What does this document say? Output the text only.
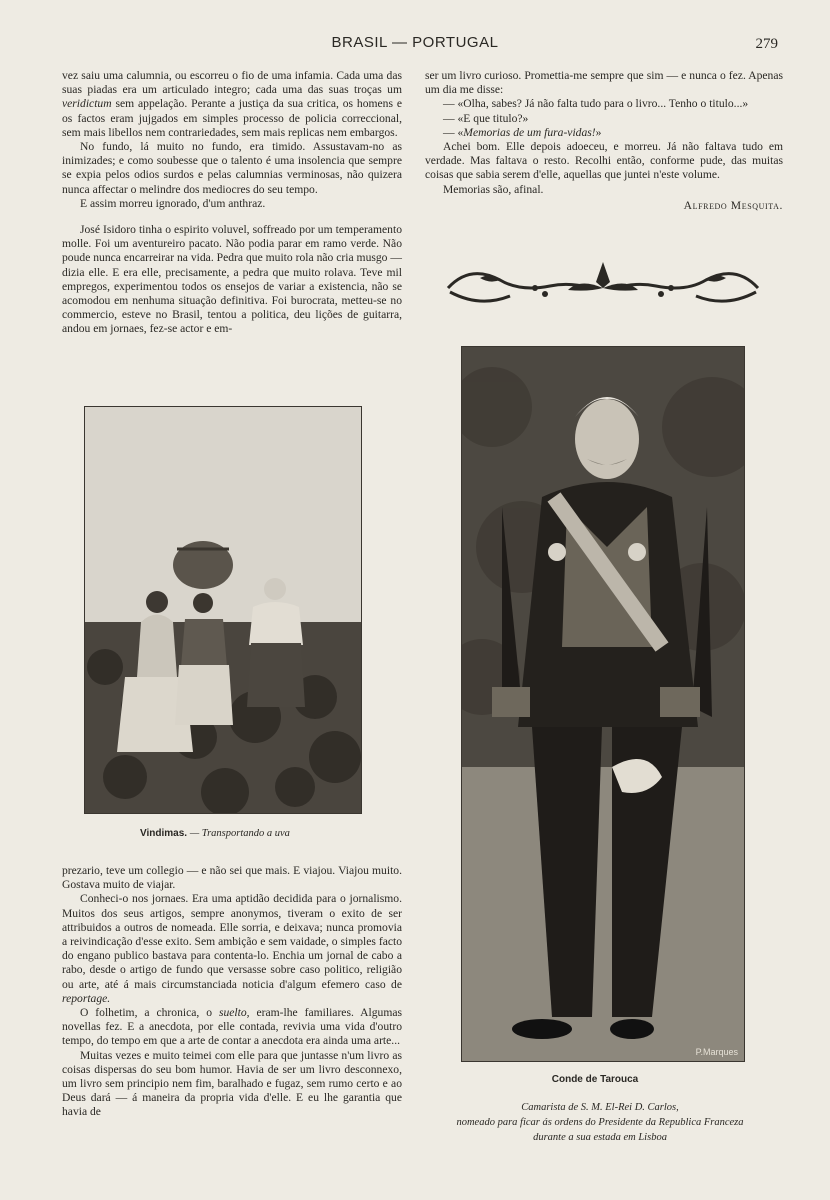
BRASIL — PORTUGAL	279

vez saiu uma calumnia, ou escorreu o fio de uma infamia. Cada uma das suas piadas era um articulado integro; cada uma das suas troças um veridictum sem appelação. Perante a justiça da sua critica, os homens e os factos eram jujgados em simples processo de policia correccional, sem mais libellos nem contrariedades, sem mais replicas nem embargos.

No fundo, lá muito no fundo, era timido. Assustavam-no as inimizades; e como soubesse que o talento é uma insolencia que sempre se expia pelos odios surdos e pelas calumnias verminosas, não quizera nunca affectar o melindre dos mediocres do seu tempo.

E assim morreu ignorado, d'um anthraz.

José Isidoro tinha o espirito voluvel, soffreado por um temperamento molle. Foi um aventureiro pacato. Não podia parar em ramo verde. Não poude nunca encarreirar na vida. Pedra que muito rola não cria musgo — dizia elle. E era elle, precisamente, a pedra que muito rolava. Teve mil empregos, experimentou todos os ensejos de variar a existencia, não se acomodou em nenhuma situação definitiva. Foi burocrata, metteu-se no commercio, esteve no Brasil, tentou a politica, deu lições de guitarra, andou em jornaes, fez-se actor e em-

Vindimas. — Transportando a uva

prezario, teve um collegio — e não sei que mais. E viajou. Viajou muito. Gostava muito de viajar.

Conheci-o nos jornaes. Era uma aptidão decidida para o jornalismo. Muitos dos seus artigos, sempre anonymos, tiveram o exito de ser attribuidos a outros de nomeada. Elle sorria, e deixava; nunca promovia a reivindicação d'esse exito. Sem ambição e sem vaidade, o simples facto do engano publico bastava para contenta-lo. Enchia um jornal de cabo a rabo, desde o artigo de fundo que versasse sobre caso politico, religião ou arte, até á mais circumstanciada noticia d'algum efemero caso de reportage.

O folhetim, a chronica, o suelto, eram-lhe familiares. Algumas novellas fez. E a anecdota, por elle contada, revivia uma vida d'outro tempo, do tempo em que a arte de contar a anecdota era ainda uma arte...

Muitas vezes e muito teimei com elle para que juntasse n'um livro as coisas dispersas do seu bom humor. Havia de ser um livro desconnexo, um livro sem principio nem fim, baralhado e fugaz, sem rumo certo e ao Deus dará — á maneira da propria vida d'elle. E eu lhe garantia que havia de

ser um livro curioso. Promettia-me sempre que sim — e nunca o fez. Apenas um dia me disse:

— «Olha, sabes? Já não falta tudo para o livro... Tenho o titulo...»

— «E que titulo?»

— «Memorias de um fura-vidas!»

Achei bom. Elle depois adoeceu, e morreu. Já não faltava tudo em verdade. Mas faltava o resto. Recolhi então, conforme pude, das muitas coisas que sabia serem d'elle, aquellas que juntei n'este volume.

Memorias são, afinal.

Alfredo Mesquita.
P.Marques
Conde de Tarouca
Camarista de S. M. El-Rei D. Carlos,
nomeado para ficar ás ordens do Presidente da Republica Franceza
durante a sua estada em Lisboa
